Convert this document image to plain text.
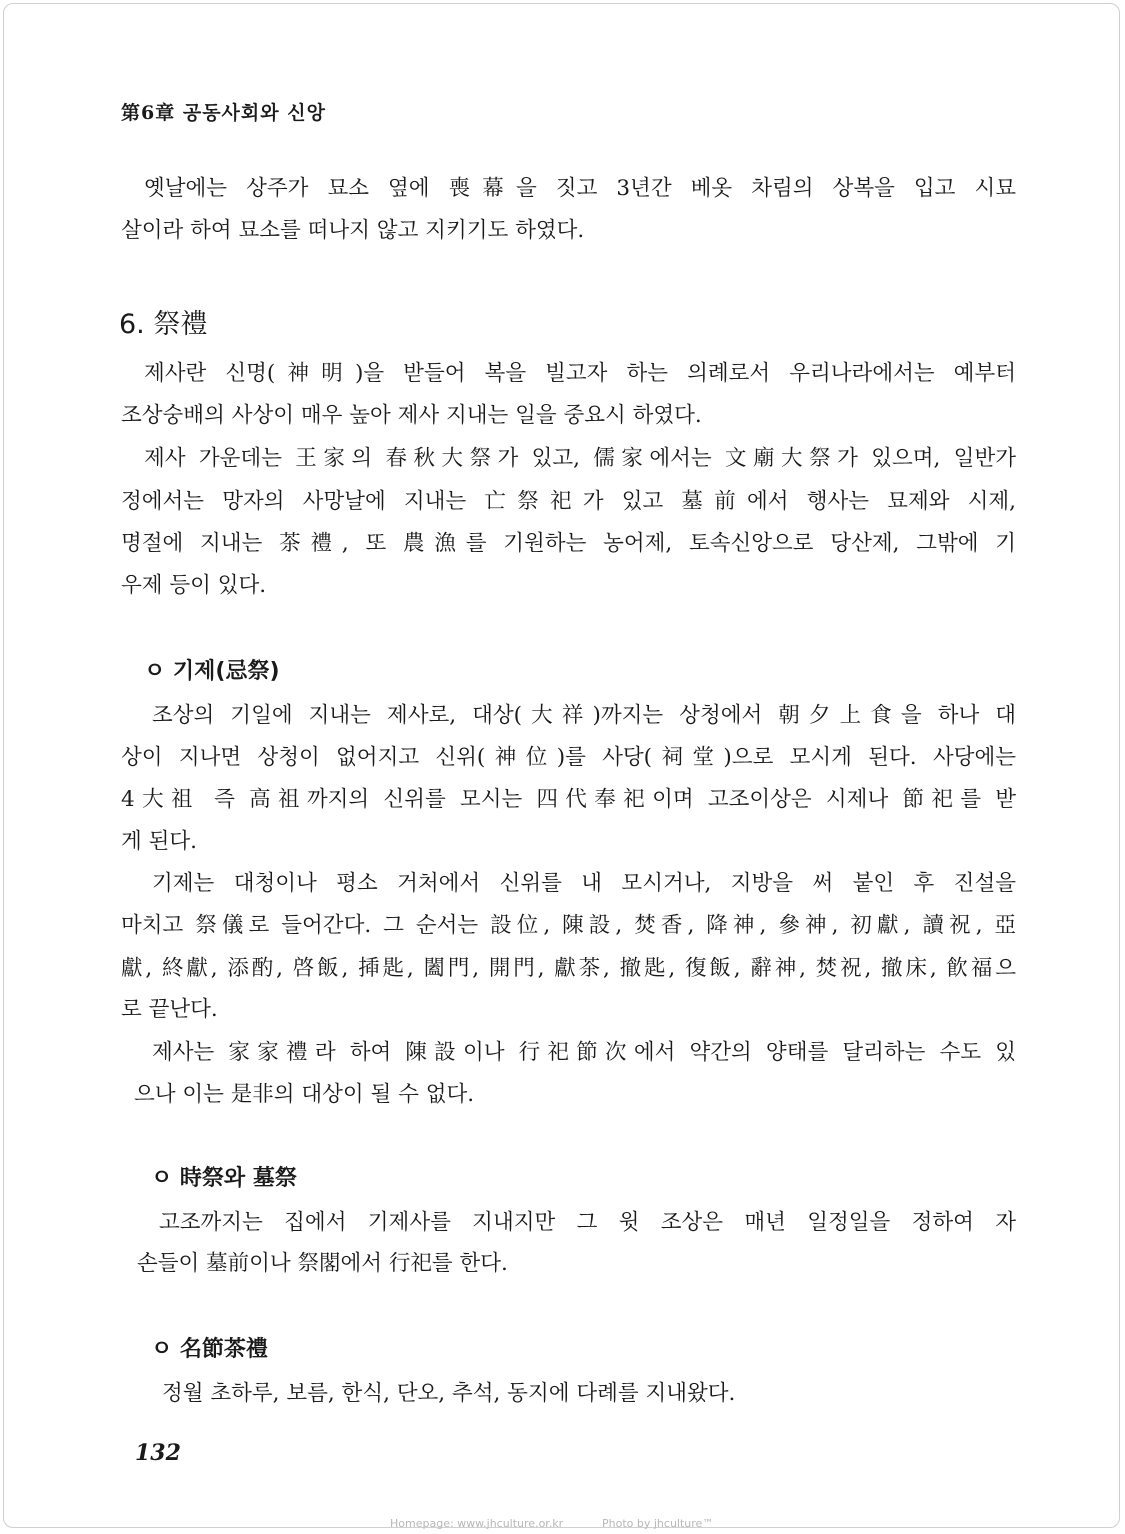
第6章 공동사회와 신앙
옛날에는 상주가 묘소 옆에 喪幕을 짓고 3년간 베옷 차림의 상복을 입고 시묘
살이라 하여 묘소를 떠나지 않고 지키기도 하였다.
6. 祭禮
제사란 신명(神明)을 받들어 복을 빌고자 하는 의례로서 우리나라에서는 예부터
조상숭배의 사상이 매우 높아 제사 지내는 일을 중요시 하였다.
제사 가운데는 王家의 春秋大祭가 있고, 儒家에서는 文廟大祭가 있으며, 일반가
정에서는 망자의 사망날에 지내는 亡祭祀가 있고 墓前에서 행사는 묘제와 시제,
명절에 지내는 茶禮, 또 農漁를 기원하는 농어제, 토속신앙으로 당산제, 그밖에 기
우제 등이 있다.
ㅇ 기제(忌祭)
조상의 기일에 지내는 제사로, 대상(大祥)까지는 상청에서 朝夕上食을 하나 대
상이 지나면 상청이 없어지고 신위(神位)를 사당(祠堂)으로 모시게 된다. 사당에는
4大祖 즉 高祖까지의 신위를 모시는 四代奉祀이며 고조이상은 시제나 節祀를 받
게 된다.
기제는 대청이나 평소 거처에서 신위를 내 모시거나, 지방을 써 붙인 후 진설을
마치고 祭儀로 들어간다. 그 순서는 設位, 陳設, 焚香, 降神, 參神, 初獻, 讀祝, 亞
獻, 終獻, 添酌, 啓飯, 揷匙, 闔門, 開門, 獻茶, 撤匙, 復飯, 辭神, 焚祝, 撤床, 飮福으
로 끝난다.
제사는 家家禮라 하여 陳設이나 行祀節次에서 약간의 양태를 달리하는 수도 있
으나 이는 是非의 대상이 될 수 없다.
ㅇ 時祭와 墓祭
고조까지는 집에서 기제사를 지내지만 그 윗 조상은 매년 일정일을 정하여 자
손들이 墓前이나 祭閣에서 行祀를 한다.
ㅇ 名節茶禮
정월 초하루, 보름, 한식, 단오, 추석, 동지에 다례를 지내왔다.
132
Homepage: www.jhculture.or.kr	Photo by jhculture™
